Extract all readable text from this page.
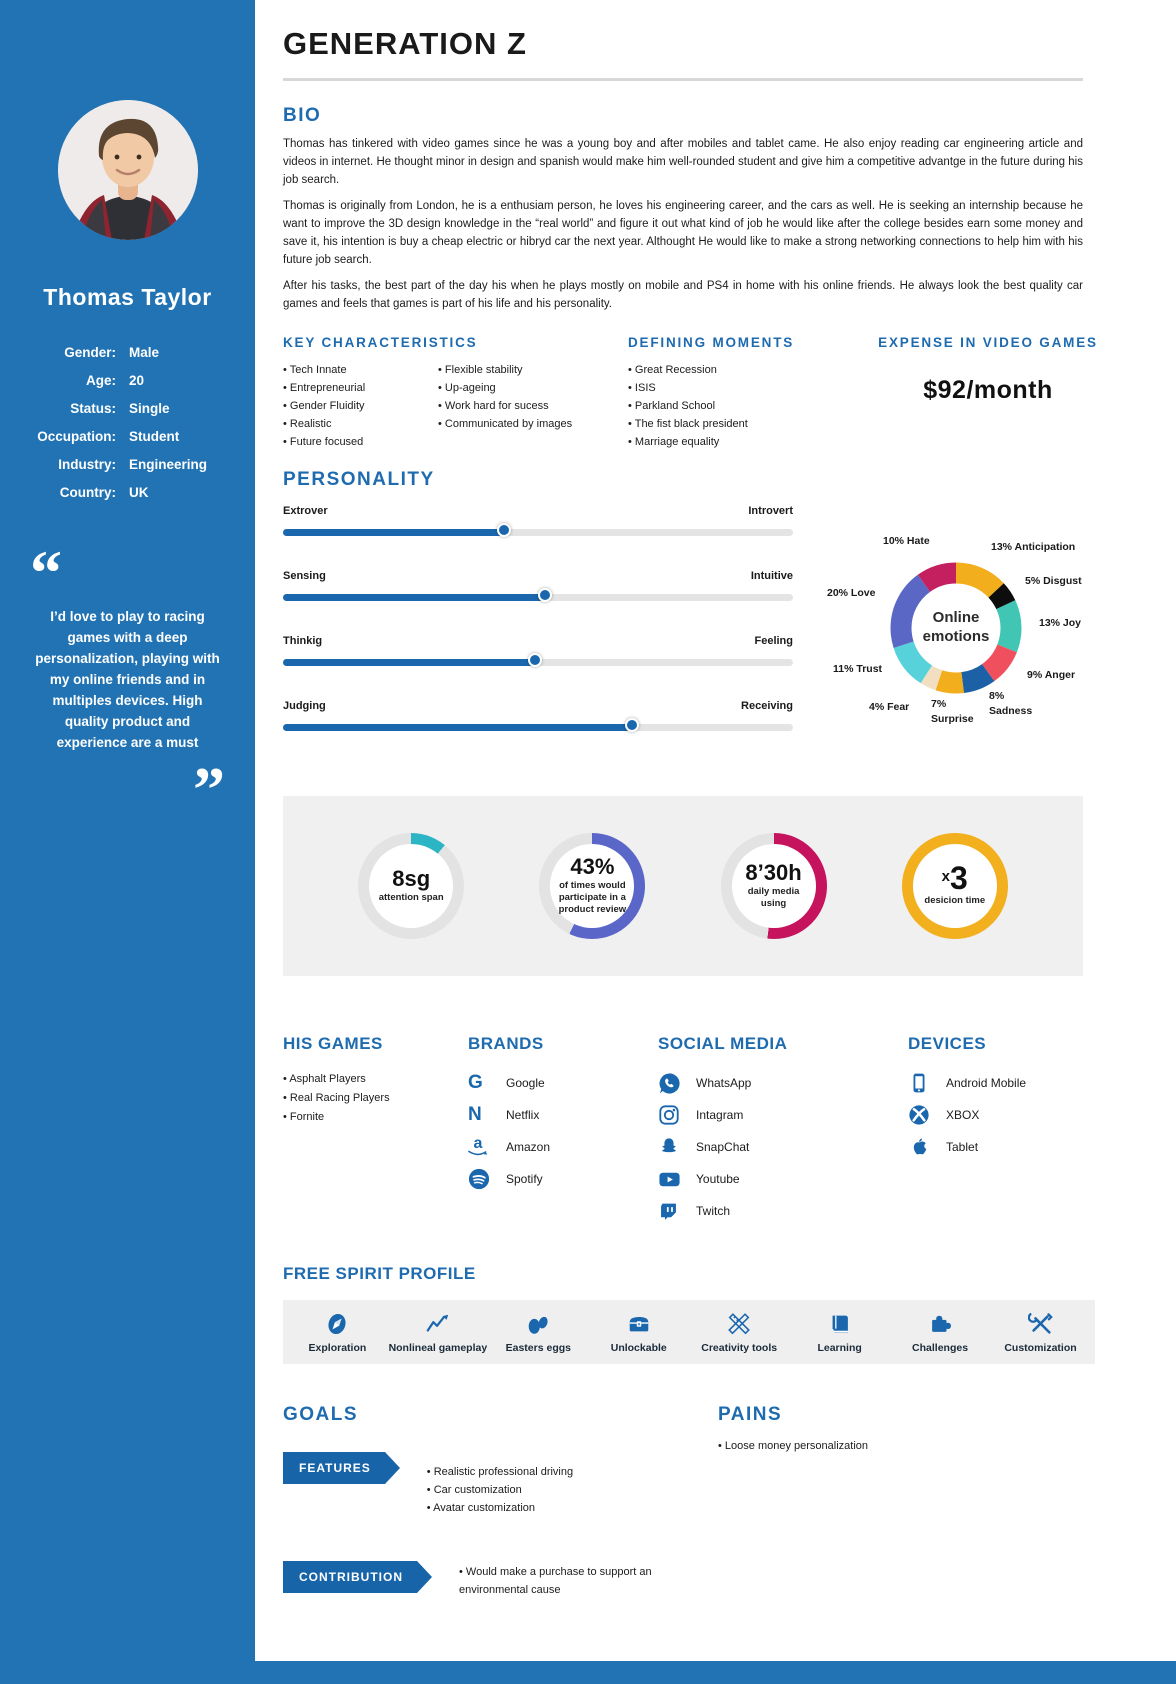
Thomas Taylor
Gender: Male
Age: 20
Status: Single
Occupation: Student
Industry: Engineering
Country: UK
“
I’d love to play to racing games with a deep personalization, playing with my online friends and in multiples devices. High quality product and experience are a must
”
GENERATION Z
BIO

Thomas has tinkered with video games since he was a young boy and after mobiles and tablet came. He also enjoy reading car engineering article and videos in internet. He thought minor in design and spanish would make him well-rounded student and give him a competitive advantge in the future during his job search.

Thomas is originally from London, he is a enthusiam person, he loves his engineering career, and the cars as well. He is seeking an internship because he want to improve the 3D design knowledge in the “real world” and figure it out what kind of job he would like after the college besides earn some money and save it, his intention is buy a cheap electric or hibryd car the next year. Althought He would like to make a strong networking connections to help him with his future job search.

After his tasks, the best part of the day his when he plays mostly on mobile and PS4 in home with his online friends. He always look the best quality car games and feels that games is part of his life and his personality.

KEY CHARACTERISTICS
• Tech Innate
• Entrepreneurial
• Gender Fluidity
• Realistic
• Future focused
• Flexible stability
• Up-ageing
• Work hard for sucess
• Communicated by images
DEFINING MOMENTS
• Great Recession
• ISIS
• Parkland School
• The fist black president
• Marriage equality
EXPENSE IN VIDEO GAMES
$92/month
PERSONALITY
Extrover	Introvert
Sensing	Intuitive
Thinkig	Feeling
Judging	Receiving
Online emotions
10% Hate	13% Anticipation
20% Love
5% Disgust
13% Joy
11% Trust	9% Anger
4% Fear 7% Surprise
8% Sadness
8sg
attention span
43%
of times would participate in a product review
8’30h
daily media using
$^x$3
desicion time
HIS GAMES
• Asphalt Players
• Real Racing Players
• Fornite
BRANDS
G Google
N Netflix
a Amazon
Spotify
SOCIAL MEDIA
WhatsApp
Intagram
SnapChat
Youtube
Twitch
DEVICES
Android Mobile
XBOX
Tablet
FREE SPIRIT PROFILE
Exploration Nonlineal gameplay Easters eggs	Unlockable	Creativity tools	Learning	Challenges	Customization
GOALS
FEATURES	• Realistic professional driving
• Car customization
• Avatar customization
CONTRIBUTION	• Would make a purchase to support an environmental cause
PAINS
• Loose money personalization
